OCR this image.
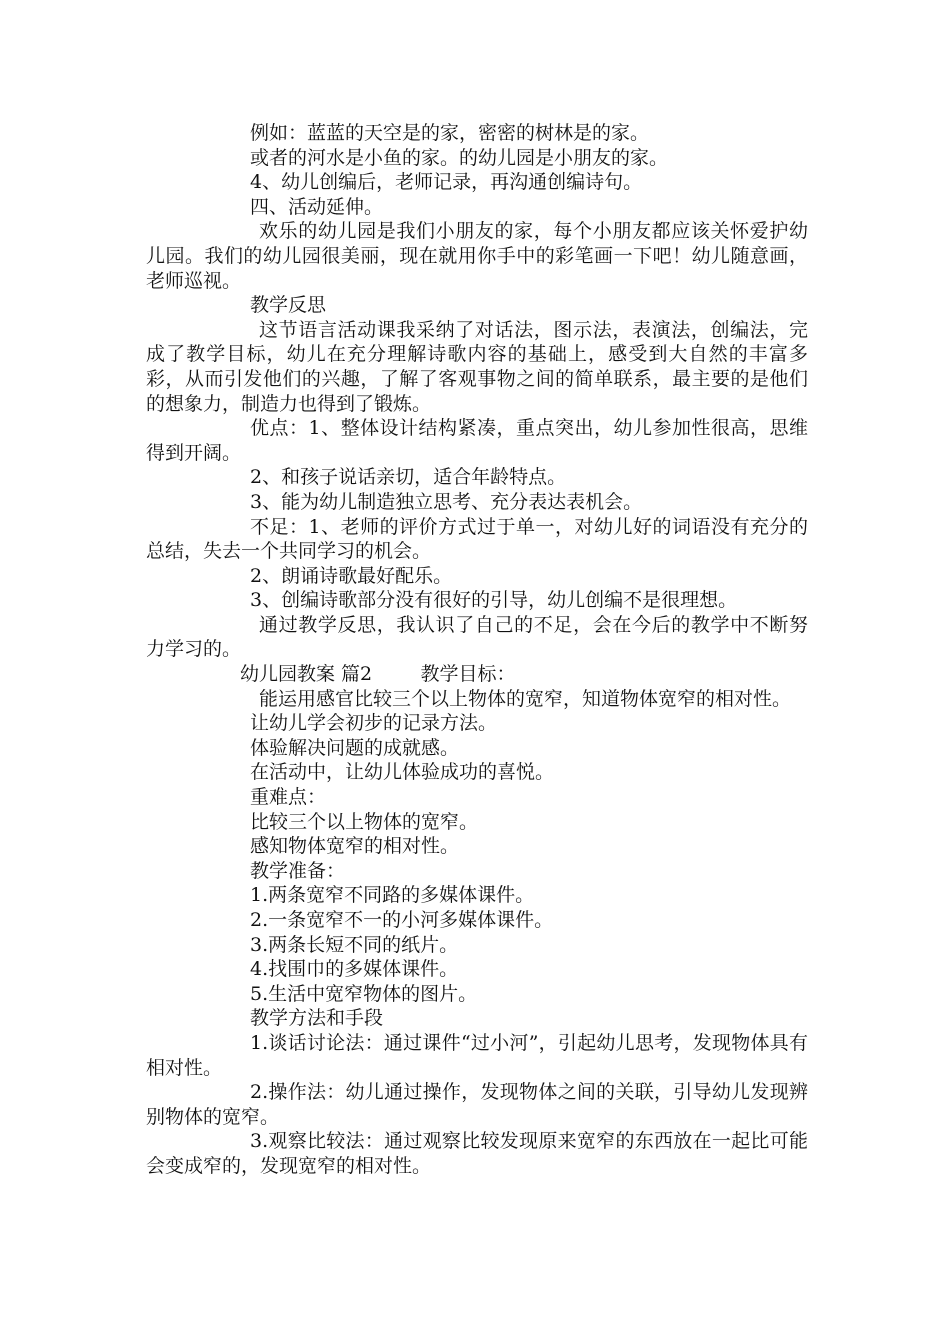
例如：蓝蓝的天空是的家，密密的树林是的家。

或者的河水是小鱼的家。的幼儿园是小朋友的家。

4、幼儿创编后，老师记录，再沟通创编诗句。

四、活动延伸。

欢乐的幼儿园是我们小朋友的家，每个小朋友都应该关怀爱护幼儿园。我们的幼儿园很美丽，现在就用你手中的彩笔画一下吧！幼儿随意画，老师巡视。

教学反思

这节语言活动课我采纳了对话法，图示法，表演法，创编法，完成了教学目标，幼儿在充分理解诗歌内容的基础上，感受到大自然的丰富多彩，从而引发他们的兴趣，了解了客观事物之间的简单联系，最主要的是他们的想象力，制造力也得到了锻炼。

优点：1、整体设计结构紧凑，重点突出，幼儿参加性很高，思维得到开阔。

2、和孩子说话亲切，适合年龄特点。

3、能为幼儿制造独立思考、充分表达表机会。

不足：1、老师的评价方式过于单一，对幼儿好的词语没有充分的总结，失去一个共同学习的机会。

2、朗诵诗歌最好配乐。

3、创编诗歌部分没有很好的引导，幼儿创编不是很理想。

通过教学反思，我认识了自己的不足，会在今后的教学中不断努力学习的。

幼儿园教案 篇2        教学目标：

能运用感官比较三个以上物体的宽窄，知道物体宽窄的相对性。

让幼儿学会初步的记录方法。

体验解决问题的成就感。

在活动中，让幼儿体验成功的喜悦。

重难点：

比较三个以上物体的宽窄。

感知物体宽窄的相对性。

教学准备：

1.两条宽窄不同路的多媒体课件。

2.一条宽窄不一的小河多媒体课件。

3.两条长短不同的纸片。

4.找围巾的多媒体课件。

5.生活中宽窄物体的图片。

教学方法和手段

1.谈话讨论法：通过课件“过小河”，引起幼儿思考，发现物体具有相对性。

2.操作法：幼儿通过操作，发现物体之间的关联，引导幼儿发现辨别物体的宽窄。

3.观察比较法：通过观察比较发现原来宽窄的东西放在一起比可能会变成窄的，发现宽窄的相对性。
